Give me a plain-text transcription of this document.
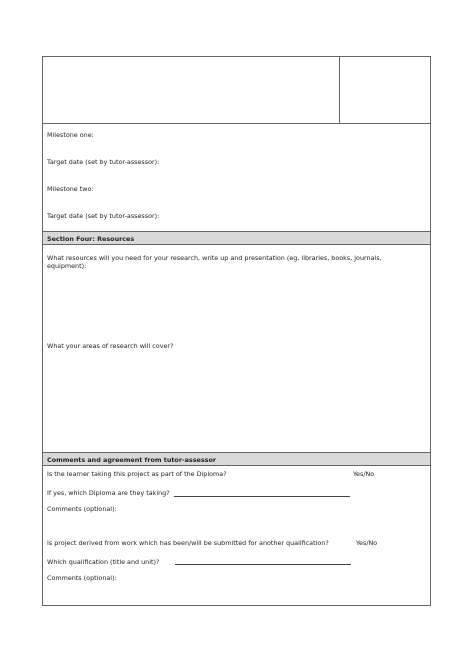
Milestone one:
Target date (set by tutor-assessor):
Milestone two:
Target date (set by tutor-assessor):
Section Four: Resources
What resources will you need for your research, write up and presentation (eg, libraries, books, journals, equipment):
What your areas of research will cover?
Comments and agreement from tutor-assessor
Is the learner taking this project as part of the Diploma?	Yes/No
If yes, which Diploma are they taking?
Comments (optional):
Is project derived from work which has been/will be submitted for another qualification?	Yes/No
Which qualification (title and unit)?
Comments (optional):
